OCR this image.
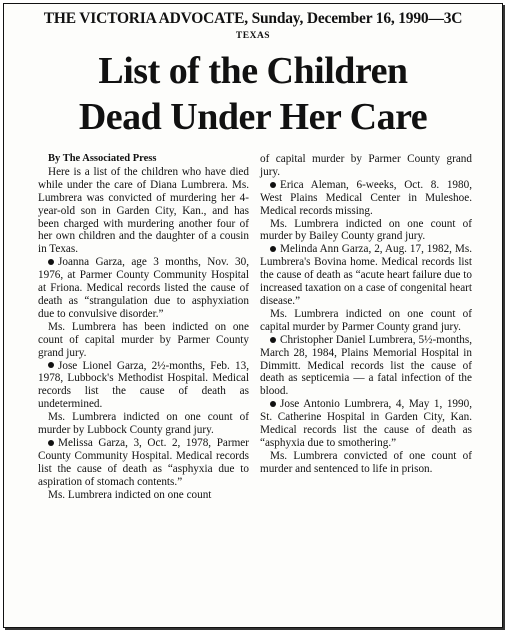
THE VICTORIA ADVOCATE, Sunday, December 16, 1990—3C
TEXAS
List of the Children
Dead Under Her Care

By The Associated Press

Here is a list of the children who have died while under the care of Diana Lumbrera. Ms. Lumbrera was convicted of murdering her 4-year-old son in Garden City, Kan., and has been charged with murdering another four of her own children and the daughter of a cousin in Texas.

Joanna Garza, age 3 months, Nov. 30, 1976, at Parmer County Community Hospital at Friona. Medical records listed the cause of death as “strangulation due to asphyxiation due to convulsive disorder.”

Ms. Lumbrera has been indicted on one count of capital murder by Parmer County grand jury.

Jose Lionel Garza, 2½-months, Feb. 13, 1978, Lubbock's Methodist Hospital. Medical records list the cause of death as undetermined.

Ms. Lumbrera indicted on one count of murder by Lubbock County grand jury.

Melissa Garza, 3, Oct. 2, 1978, Parmer County Community Hospital. Medical records list the cause of death as “asphyxia due to aspiration of stomach contents.”

Ms. Lumbrera indicted on one count

of capital murder by Parmer County grand jury.

Erica Aleman, 6-weeks, Oct. 8. 1980, West Plains Medical Center in Muleshoe. Medical records missing.

Ms. Lumbrera indicted on one count of murder by Bailey County grand jury.

Melinda Ann Garza, 2, Aug. 17, 1982, Ms. Lumbrera's Bovina home. Medical records list the cause of death as “acute heart failure due to increased taxation on a case of congenital heart disease.”

Ms. Lumbrera indicted on one count of capital murder by Parmer County grand jury.

Christopher Daniel Lumbrera, 5½-months, March 28, 1984, Plains Memorial Hospital in Dimmitt. Medical records list the cause of death as septicemia — a fatal infection of the blood.

Jose Antonio Lumbrera, 4, May 1, 1990, St. Catherine Hospital in Garden City, Kan. Medical records list the cause of death as “asphyxia due to smothering.”

Ms. Lumbrera convicted of one count of murder and sentenced to life in prison.
